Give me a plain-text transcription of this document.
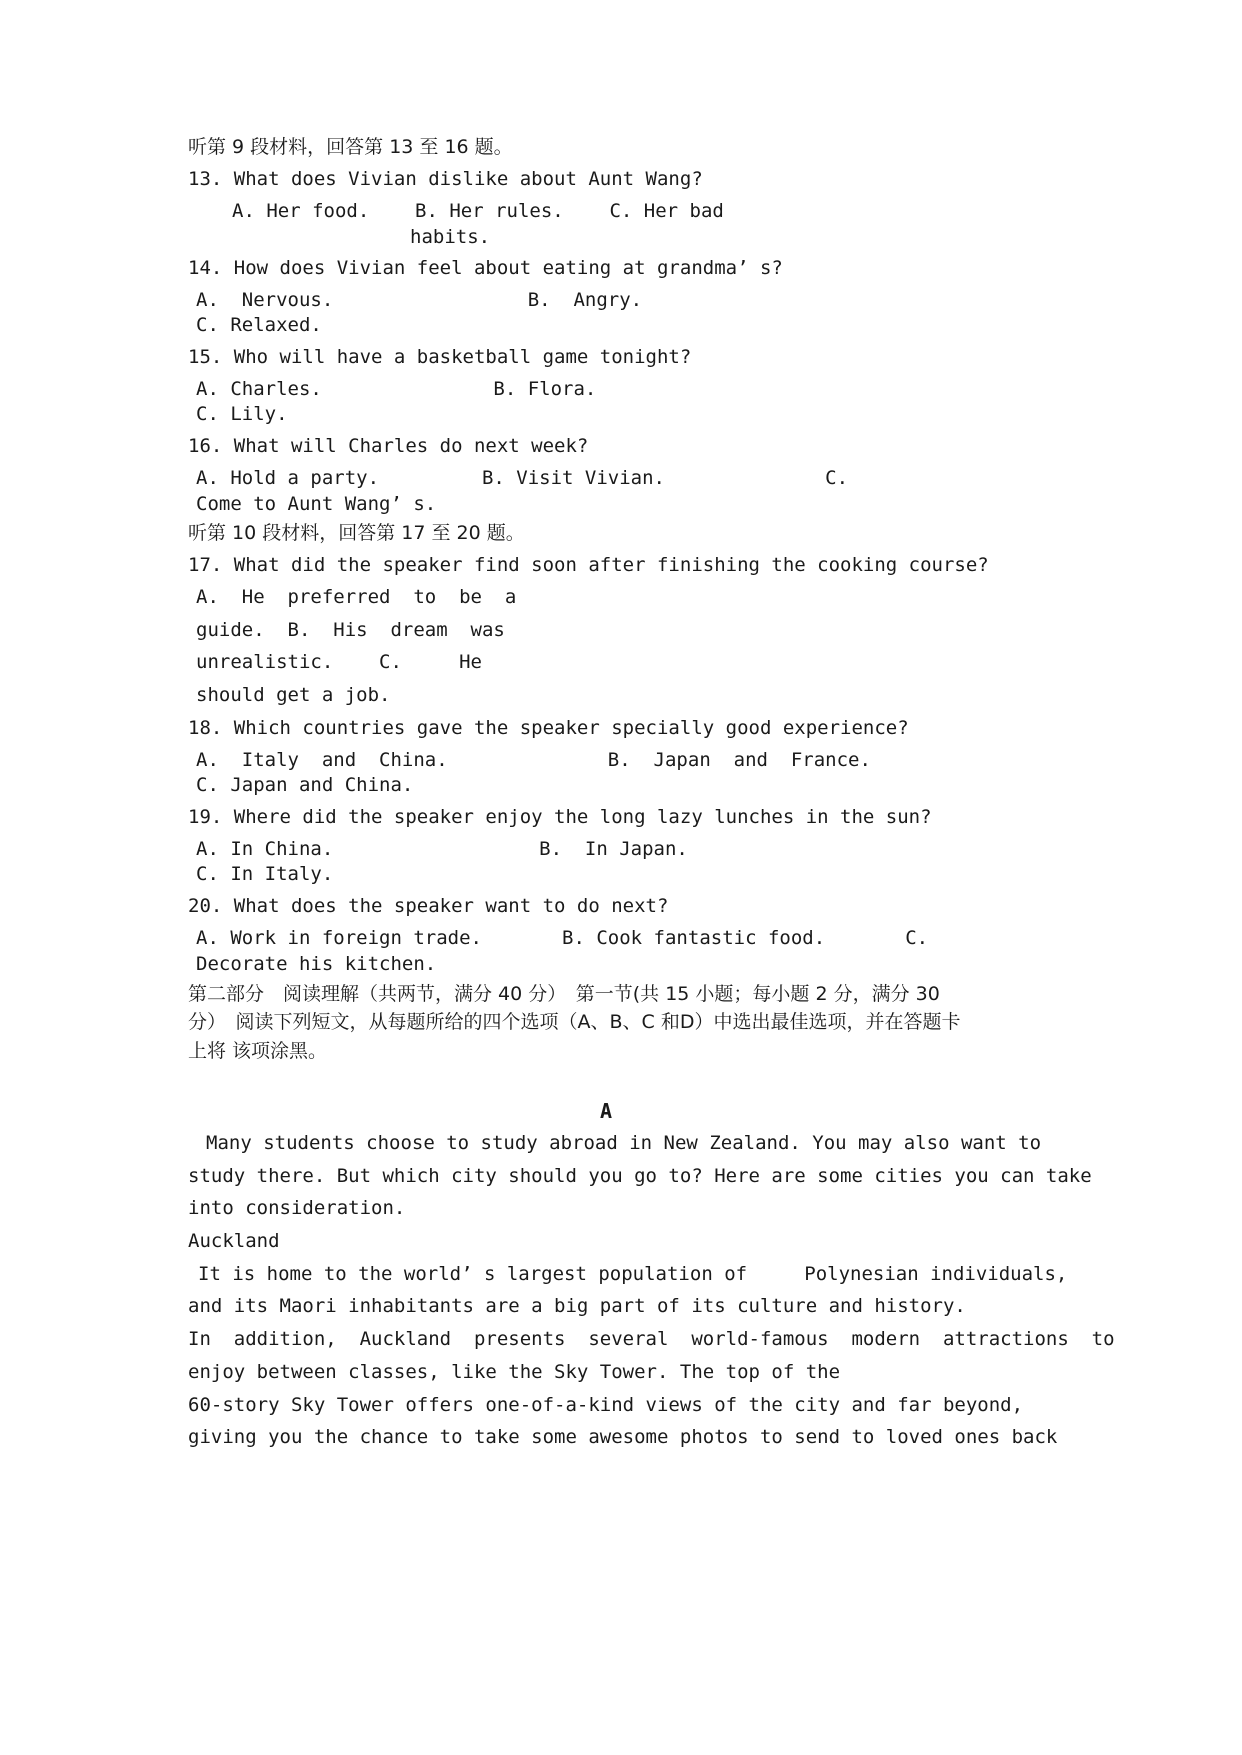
听第 9 段材料，回答第 13 至 16 题。
13. What does Vivian dislike about Aunt Wang?
A. Her food.    B. Her rules.    C. Her bad
habits.
14. How does Vivian feel about eating at grandma’ s?
A.  Nervous.                 B.  Angry.
C. Relaxed.
15. Who will have a basketball game tonight?
A. Charles.               B. Flora.
C. Lily.
16. What will Charles do next week?
A. Hold a party.         B. Visit Vivian.              C.
Come to Aunt Wang’ s.
听第 10 段材料，回答第 17 至 20 题。
17. What did the speaker find soon after finishing the cooking course?
A.  He  preferred  to  be  a
guide.  B.  His  dream  was
unrealistic.    C.     He
should get a job.
18. Which countries gave the speaker specially good experience?
A.  Italy  and  China.              B.  Japan  and  France.
C. Japan and China.
19. Where did the speaker enjoy the long lazy lunches in the sun?
A. In China.                  B.  In Japan.
C. In Italy.
20. What does the speaker want to do next?
A. Work in foreign trade.       B. Cook fantastic food.       C.
Decorate his kitchen.
第二部分　阅读理解（共两节，满分 40 分）　第一节(共 15 小题；每小题 2 分，满分 30
分）　阅读下列短文，从每题所给的四个选项（A、B、C 和D）中选出最佳选项，并在答题卡
上将 该项涂黑。
A
Many students choose to study abroad in New Zealand. You may also want to
study there. But which city should you go to? Here are some cities you can take
into consideration.
Auckland
It is home to the world’ s largest population of     Polynesian individuals,
and its Maori inhabitants are a big part of its culture and history.
In  addition,  Auckland  presents  several  world-famous  modern  attractions  to
enjoy between classes, like the Sky Tower. The top of the
60-story Sky Tower offers one-of-a-kind views of the city and far beyond,
giving you the chance to take some awesome photos to send to loved ones back
